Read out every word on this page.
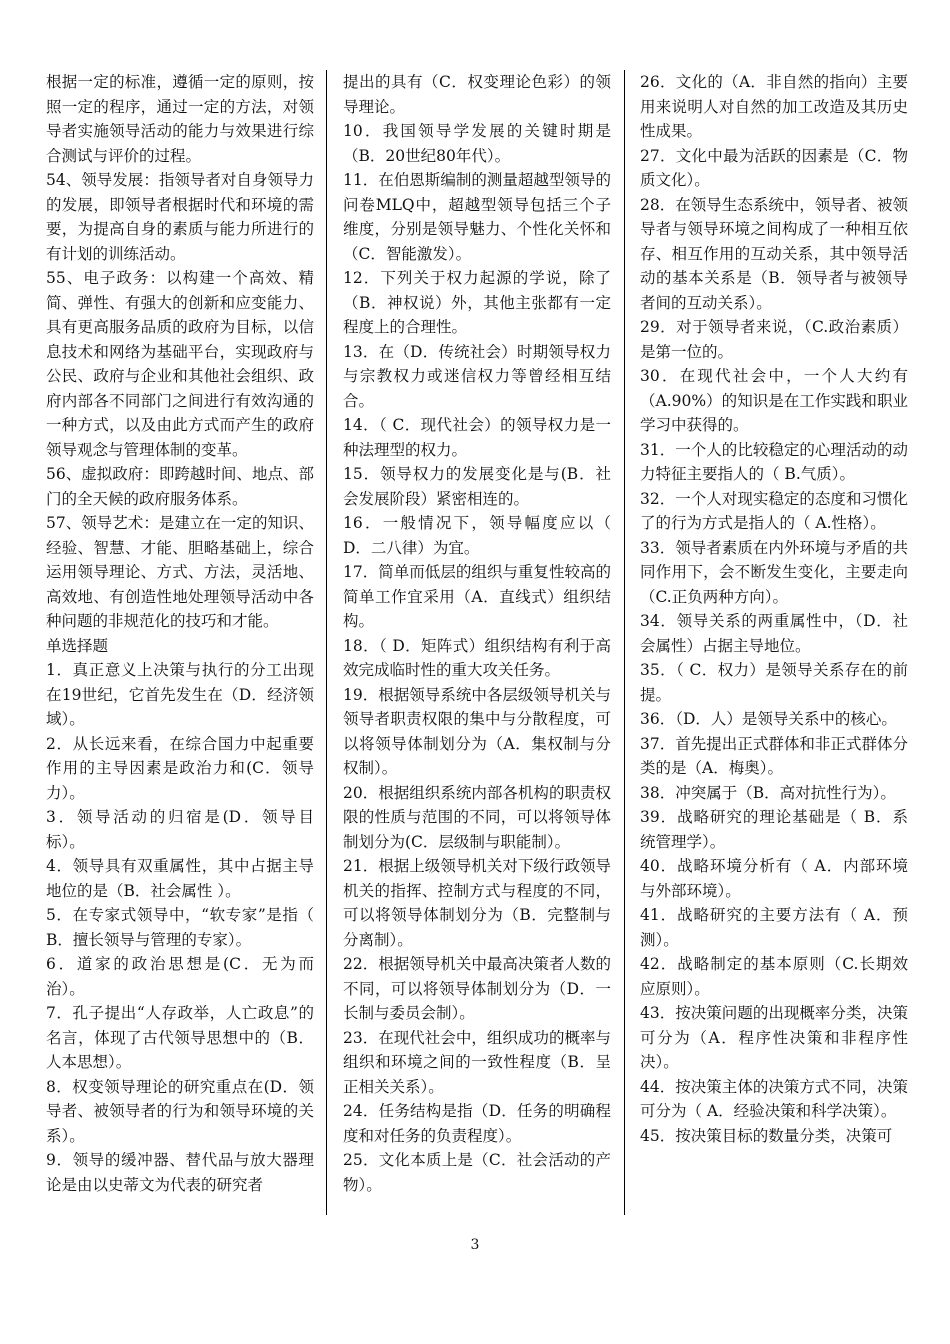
根据一定的标准，遵循一定的原则，按照一定的程序，通过一定的方法，对领导者实施领导活动的能力与效果进行综合测试与评价的过程。

54、领导发展：指领导者对自身领导力的发展，即领导者根据时代和环境的需要，为提高自身的素质与能力所进行的有计划的训练活动。

55、电子政务：以构建一个高效、精简、弹性、有强大的创新和应变能力、具有更高服务品质的政府为目标，以信息技术和网络为基础平台，实现政府与公民、政府与企业和其他社会组织、政府内部各不同部门之间进行有效沟通的一种方式，以及由此方式而产生的政府领导观念与管理体制的变革。

56、虚拟政府：即跨越时间、地点、部门的全天候的政府服务体系。

57、领导艺术：是建立在一定的知识、经验、智慧、才能、胆略基础上，综合运用领导理论、方式、方法，灵活地、高效地、有创造性地处理领导活动中各种问题的非规范化的技巧和才能。

单选择题

1．真正意义上决策与执行的分工出现在19世纪，它首先发生在（D．经济领域）。

2．从长远来看，在综合国力中起重要作用的主导因素是政治力和(C．领导力）。

3．领导活动的归宿是(D．领导目标）。

4．领导具有双重属性，其中占据主导地位的是（B．社会属性 ）。

5．在专家式领导中，“软专家”是指（ B．擅长领导与管理的专家）。

6．道家的政治思想是(C．无为而治）。

7．孔子提出“人存政举，人亡政息”的名言，体现了古代领导思想中的（B．人本思想）。

8．权变领导理论的研究重点在(D．领导者、被领导者的行为和领导环境的关系）。

9．领导的缓冲器、替代品与放大器理论是由以史蒂文为代表的研究者

提出的具有（C．权变理论色彩）的领导理论。

10．我国领导学发展的关键时期是（B．20世纪80年代）。

11．在伯恩斯编制的测量超越型领导的问卷MLQ中，超越型领导包括三个子维度，分别是领导魅力、个性化关怀和（C．智能激发）。

12．下列关于权力起源的学说，除了（B．神权说）外，其他主张都有一定程度上的合理性。

13．在（D．传统社会）时期领导权力与宗教权力或迷信权力等曾经相互结合。

14．（ C．现代社会）的领导权力是一种法理型的权力。

15．领导权力的发展变化是与(B．社会发展阶段）紧密相连的。

16．一般情况下，领导幅度应以（ D．二八律）为宜。

17．简单而低层的组织与重复性较高的简单工作宜采用（A．直线式）组织结构。

18．（ D．矩阵式）组织结构有利于高效完成临时性的重大攻关任务。

19．根据领导系统中各层级领导机关与领导者职责权限的集中与分散程度，可以将领导体制划分为（A．集权制与分权制）。

20．根据组织系统内部各机构的职责权限的性质与范围的不同，可以将领导体制划分为(C．层级制与职能制）。

21．根据上级领导机关对下级行政领导机关的指挥、控制方式与程度的不同，可以将领导体制划分为（B．完整制与分离制）。

22．根据领导机关中最高决策者人数的不同，可以将领导体制划分为（D．一长制与委员会制）。

23．在现代社会中，组织成功的概率与组织和环境之间的一致性程度（B．呈正相关关系）。

24．任务结构是指（D．任务的明确程度和对任务的负责程度）。

25．文化本质上是（C．社会活动的产物）。

26．文化的（A．非自然的指向）主要用来说明人对自然的加工改造及其历史性成果。

27．文化中最为活跃的因素是（C．物质文化）。

28．在领导生态系统中，领导者、被领导者与领导环境之间构成了一种相互依存、相互作用的互动关系，其中领导活动的基本关系是（B．领导者与被领导者间的互动关系）。

29．对于领导者来说，（C.政治素质）是第一位的。

30．在现代社会中，一个人大约有（A.90%）的知识是在工作实践和职业学习中获得的。

31．一个人的比较稳定的心理活动的动力特征主要指人的（ B.气质）。

32．一个人对现实稳定的态度和习惯化了的行为方式是指人的（ A.性格）。

33．领导者素质在内外环境与矛盾的共同作用下，会不断发生变化，主要走向（C.正负两种方向）。

34．领导关系的两重属性中，（D．社会属性）占据主导地位。

35．（ C．权力）是领导关系存在的前提。

36．（D．人）是领导关系中的核心。

37．首先提出正式群体和非正式群体分类的是（A．梅奥）。

38．冲突属于（B．高对抗性行为）。

39．战略研究的理论基础是（ B．系统管理学）。

40．战略环境分析有（ A．内部环境与外部环境）。

41．战略研究的主要方法有（ A．预测）。

42．战略制定的基本原则（C.长期效应原则）。

43．按决策问题的出现概率分类，决策可分为（A．程序性决策和非程序性决）。

44．按决策主体的决策方式不同，决策可分为（ A．经验决策和科学决策）。

45．按决策目标的数量分类，决策可

3
